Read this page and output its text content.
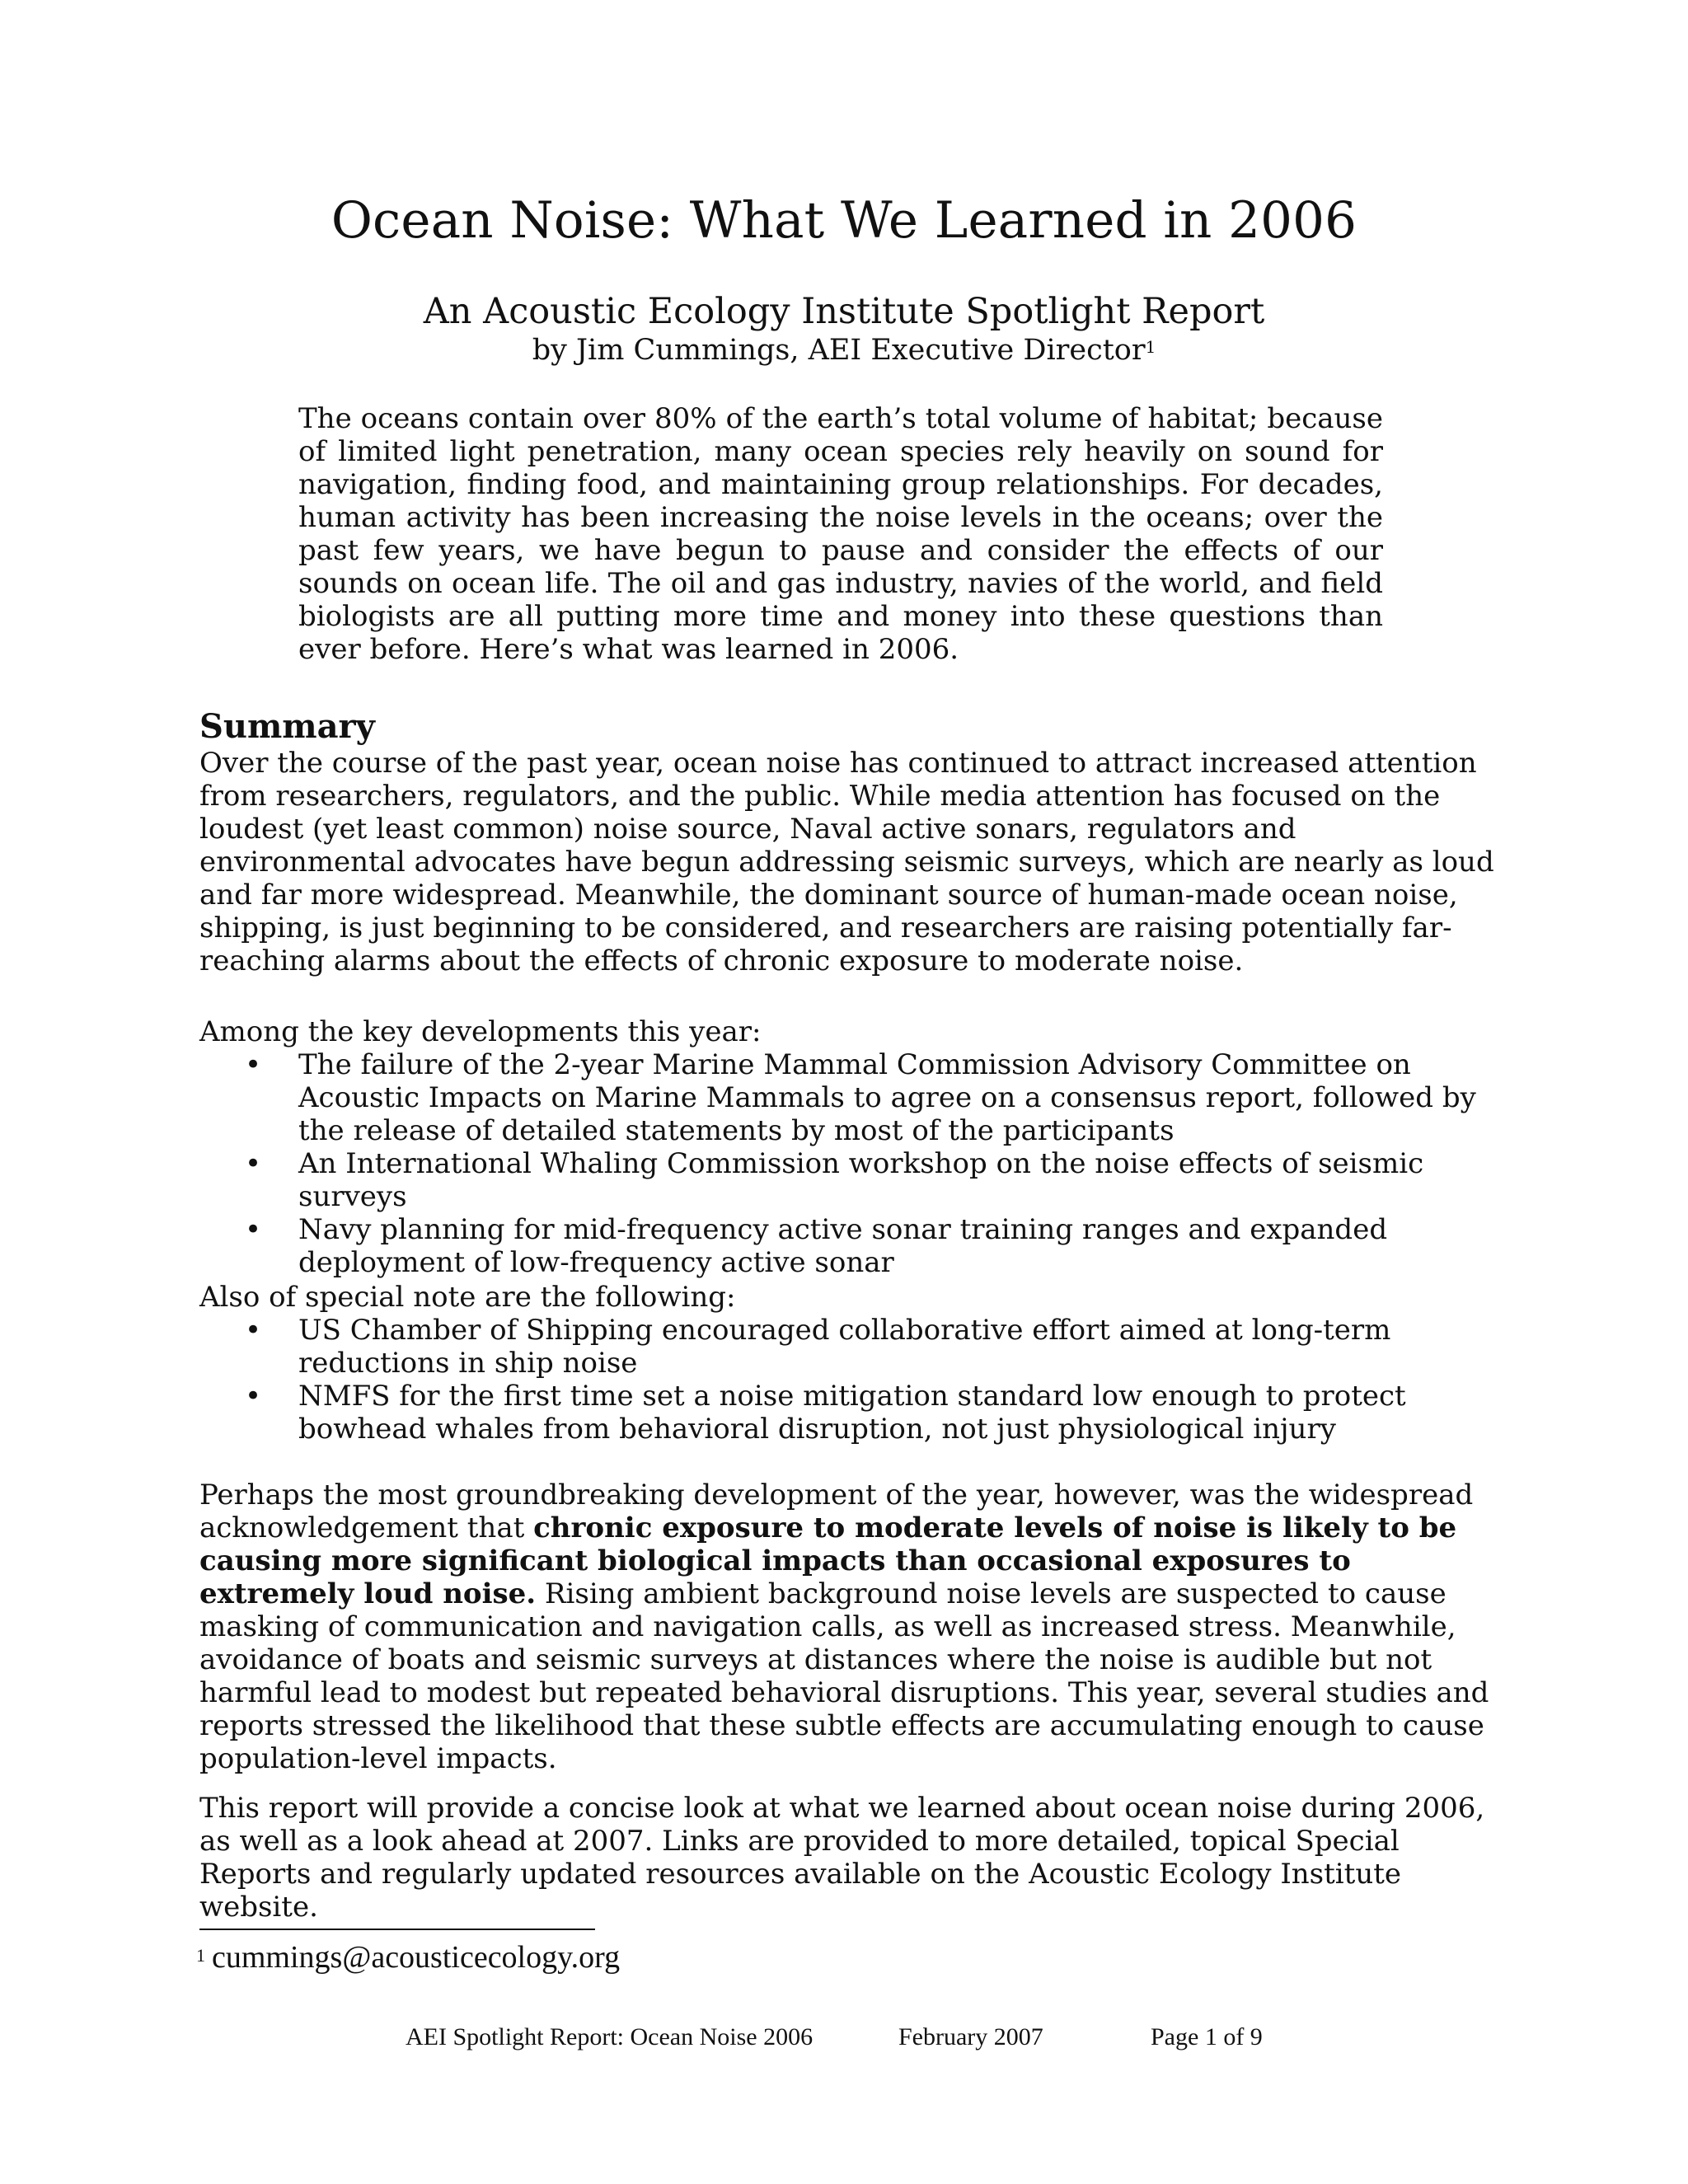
Ocean Noise: What We Learned in 2006
An Acoustic Ecology Institute Spotlight Report
by Jim Cummings, AEI Executive Director$^1$

The oceans contain over 80% of the earth’s total volume of habitat; because of limited light penetration, many ocean species rely heavily on sound for navigation, finding food, and maintaining group relationships. For decades, human activity has been increasing the noise levels in the oceans; over the past few years, we have begun to pause and consider the effects of our sounds on ocean life. The oil and gas industry, navies of the world, and field biologists are all putting more time and money into these questions than ever before. Here’s what was learned in 2006.

Summary

Over the course of the past year, ocean noise has continued to attract increased attention from researchers, regulators, and the public. While media attention has focused on the loudest (yet least common) noise source, Naval active sonars, regulators and environmental advocates have begun addressing seismic surveys, which are nearly as loud and far more widespread. Meanwhile, the dominant source of human-made ocean noise, shipping, is just beginning to be considered, and researchers are raising potentially far-reaching alarms about the effects of chronic exposure to moderate noise.

Among the key developments this year:
• The failure of the 2-year Marine Mammal Commission Advisory Committee on Acoustic Impacts on Marine Mammals to agree on a consensus report, followed by the release of detailed statements by most of the participants
• An International Whaling Commission workshop on the noise effects of seismic surveys
• Navy planning for mid-frequency active sonar training ranges and expanded deployment of low-frequency active sonar
Also of special note are the following:
• US Chamber of Shipping encouraged collaborative effort aimed at long-term reductions in ship noise
• NMFS for the first time set a noise mitigation standard low enough to protect bowhead whales from behavioral disruption, not just physiological injury

Perhaps the most groundbreaking development of the year, however, was the widespread acknowledgement that chronic exposure to moderate levels of noise is likely to be causing more significant biological impacts than occasional exposures to extremely loud noise. Rising ambient background noise levels are suspected to cause masking of communication and navigation calls, as well as increased stress. Meanwhile, avoidance of boats and seismic surveys at distances where the noise is audible but not harmful lead to modest but repeated behavioral disruptions. This year, several studies and reports stressed the likelihood that these subtle effects are accumulating enough to cause population-level impacts.

This report will provide a concise look at what we learned about ocean noise during 2006, as well as a look ahead at 2007. Links are provided to more detailed, topical Special Reports and regularly updated resources available on the Acoustic Ecology Institute website.

$^1$ cummings@acousticecology.org
AEI Spotlight Report: Ocean Noise 2006	February 2007	Page 1 of 9
